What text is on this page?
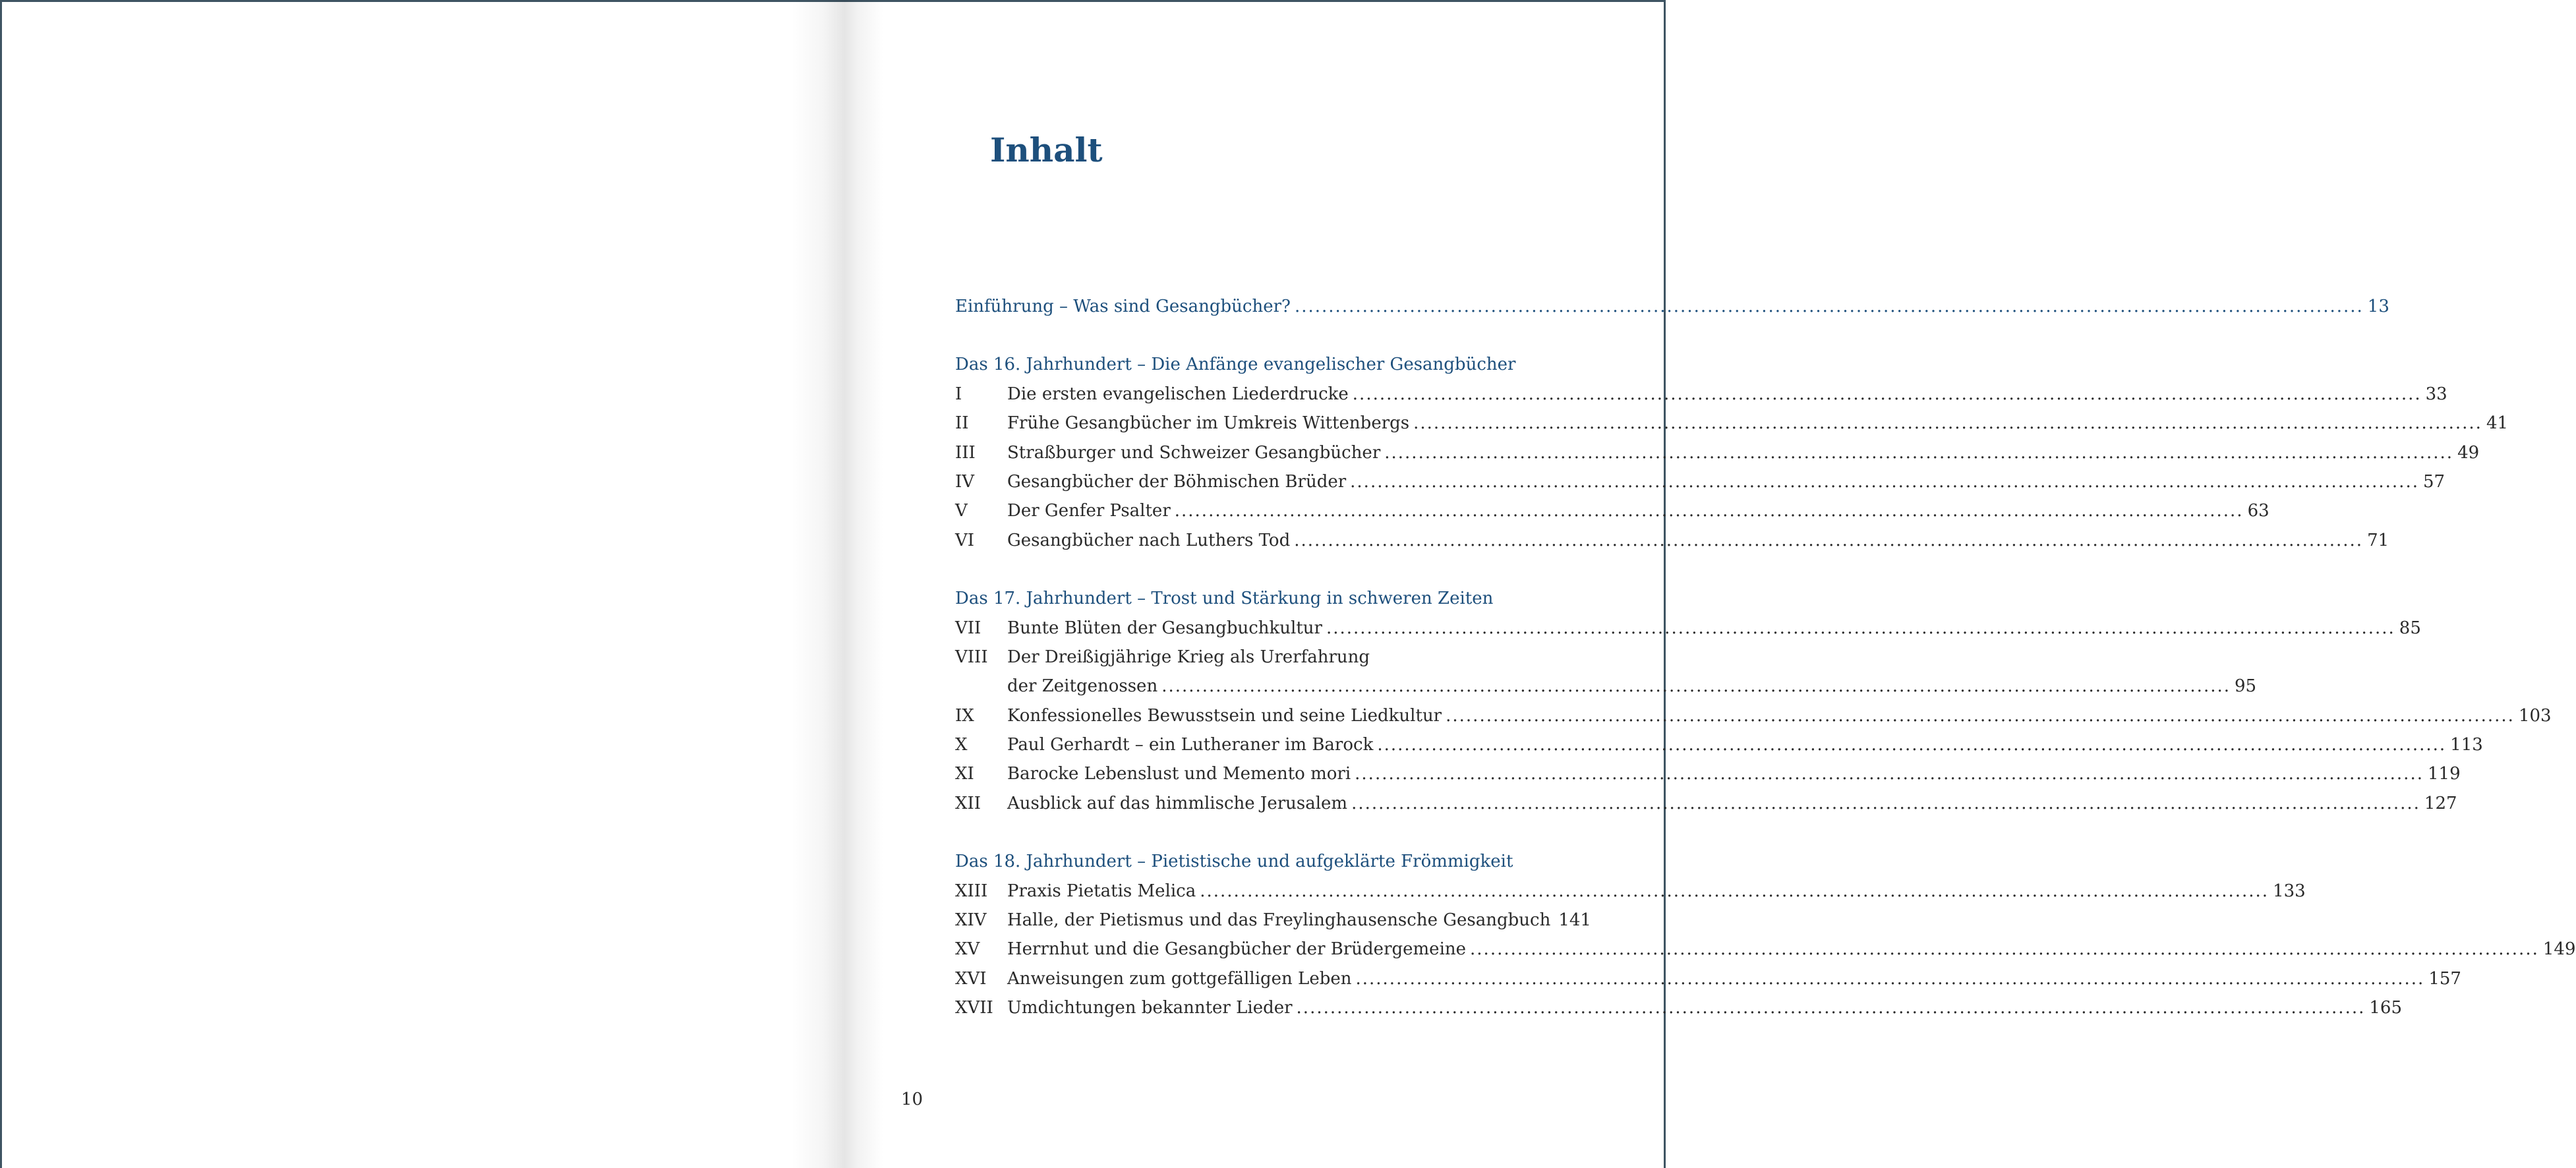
Inhalt
Einführung – Was sind Gesangbücher? .............................................................................................................................................................. 13
Das 16. Jahrhundert – Die Anfänge evangelischer Gesangbücher
I	Die ersten evangelischen Liederdrucke .............................................................................................................................................................. 33
II Frühe Gesangbücher im Umkreis Wittenbergs .............................................................................................................................................................. 41
III Straßburger und Schweizer Gesangbücher .............................................................................................................................................................. 49
IV Gesangbücher der Böhmischen Brüder .............................................................................................................................................................. 57
V Der Genfer Psalter .............................................................................................................................................................. 63
VI Gesangbücher nach Luthers Tod .............................................................................................................................................................. 71
Das 17. Jahrhundert – Trost und Stärkung in schweren Zeiten
VII Bunte Blüten der Gesangbuchkultur .............................................................................................................................................................. 85
VIII Der Dreißigjährige Krieg als Urerfahrung
der Zeitgenossen .............................................................................................................................................................. 95
IX Konfessionelles Bewusstsein und seine Liedkultur .............................................................................................................................................................. 103
X Paul Gerhardt – ein Lutheraner im Barock .............................................................................................................................................................. 113
XI Barocke Lebenslust und Memento mori .............................................................................................................................................................. 119
XII Ausblick auf das himmlische Jerusalem .............................................................................................................................................................. 127
Das 18. Jahrhundert – Pietistische und aufgeklärte Frömmigkeit
XIII Praxis Pietatis Melica .............................................................................................................................................................. 133
XIV Halle, der Pietismus und das Freylinghausensche Gesangbuch 141
XV Herrnhut und die Gesangbücher der Brüdergemeine .............................................................................................................................................................. 149
XVI Anweisungen zum gottgefälligen Leben .............................................................................................................................................................. 157
XVII Umdichtungen bekannter Lieder .............................................................................................................................................................. 165
10
